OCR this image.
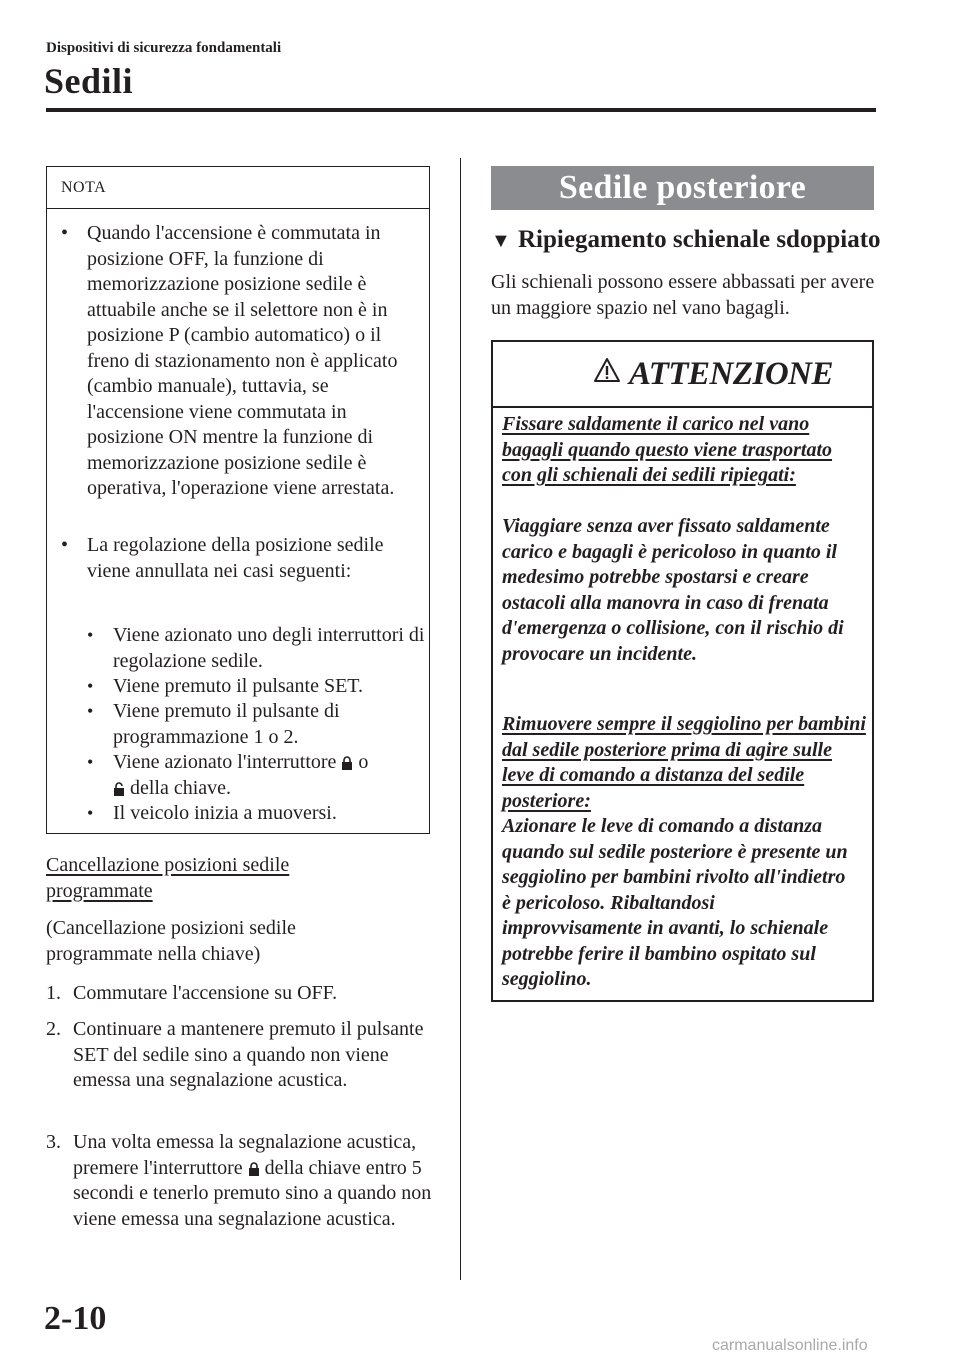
Dispositivi di sicurezza fondamentali
Sedili
NOTA
• Quando l'accensione è commutata in posizione OFF, la funzione di memorizzazione posizione sedile è attuabile anche se il selettore non è in posizione P (cambio automatico) o il freno di stazionamento non è applicato (cambio manuale), tuttavia, se l'accensione viene commutata in posizione ON mentre la funzione di memorizzazione posizione sedile è operativa, l'operazione viene arrestata.
• La regolazione della posizione sedile viene annullata nei casi seguenti:
• Viene azionato uno degli interruttori di regolazione sedile.
• Viene premuto il pulsante SET.
• Viene premuto il pulsante di programmazione 1 o 2.
• Viene azionato l'interruttore o

della chiave.
• Il veicolo inizia a muoversi.
Cancellazione posizioni sedile
programmate
(Cancellazione posizioni sedile
programmate nella chiave)
1. Commutare l'accensione su OFF.
2. Continuare a mantenere premuto il pulsante SET del sedile sino a quando non viene emessa una segnalazione acustica.
3. Una volta emessa la segnalazione acustica, premere l'interruttore della chiave entro 5 secondi e tenerlo premuto sino a quando non viene emessa una segnalazione acustica.
Sedile posteriore
▼ Ripiegamento schienale sdoppiato
Gli schienali possono essere abbassati per avere un maggiore spazio nel vano bagagli.
ATTENZIONE
Fissare saldamente il carico nel vano bagagli quando questo viene trasportato con gli schienali dei sedili ripiegati:
Viaggiare senza aver fissato saldamente carico e bagagli è pericoloso in quanto il medesimo potrebbe spostarsi e creare ostacoli alla manovra in caso di frenata d'emergenza o collisione, con il rischio di provocare un incidente.
Rimuovere sempre il seggiolino per bambini dal sedile posteriore prima di agire sulle leve di comando a distanza del sedile posteriore:
Azionare le leve di comando a distanza quando sul sedile posteriore è presente un seggiolino per bambini rivolto all'indietro è pericoloso. Ribaltandosi improvvisamente in avanti, lo schienale potrebbe ferire il bambino ospitato sul seggiolino.
2-10
carmanualsonline.info
